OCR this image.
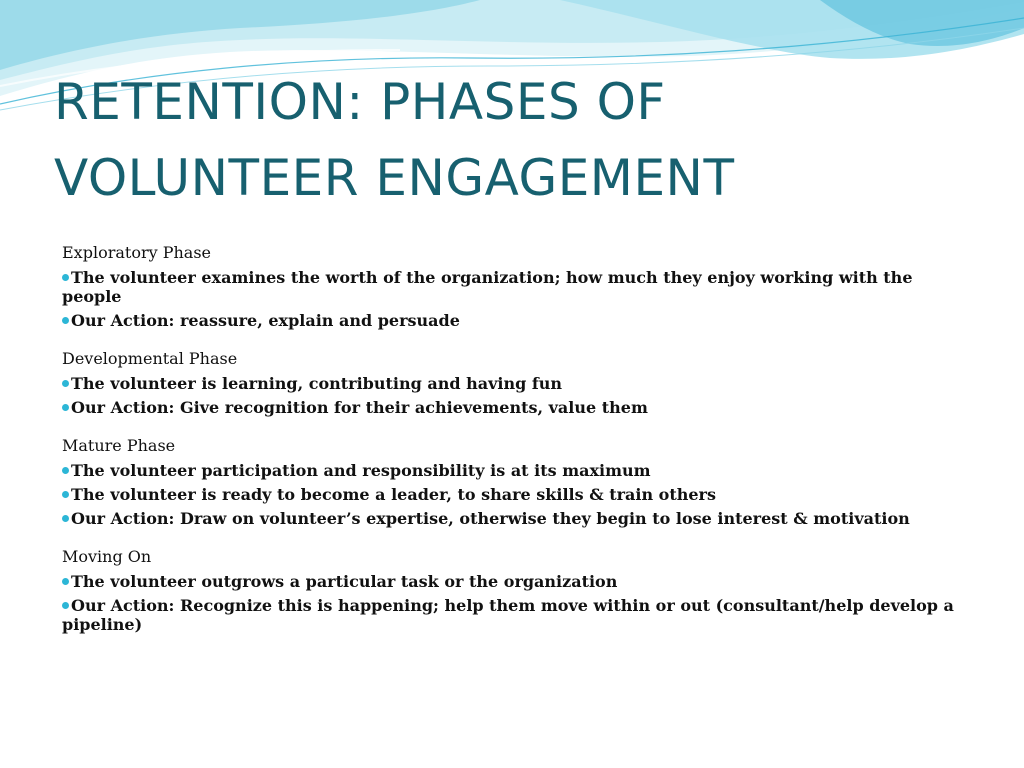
RETENTION: PHASES OF
VOLUNTEER ENGAGEMENT

Exploratory Phase

The volunteer examines the worth of the organization; how much they enjoy working with the people
Our Action: reassure, explain and persuade

Developmental Phase

The volunteer is learning, contributing and having fun
Our Action: Give recognition for their achievements, value them

Mature Phase

The volunteer participation and responsibility is at its maximum
The volunteer is ready to become a leader, to share skills & train others
Our Action: Draw on volunteer’s expertise, otherwise they begin to lose interest & motivation

Moving On

The volunteer outgrows a particular task or the organization
Our Action: Recognize this is happening; help them move within or out (consultant/help develop a pipeline)
